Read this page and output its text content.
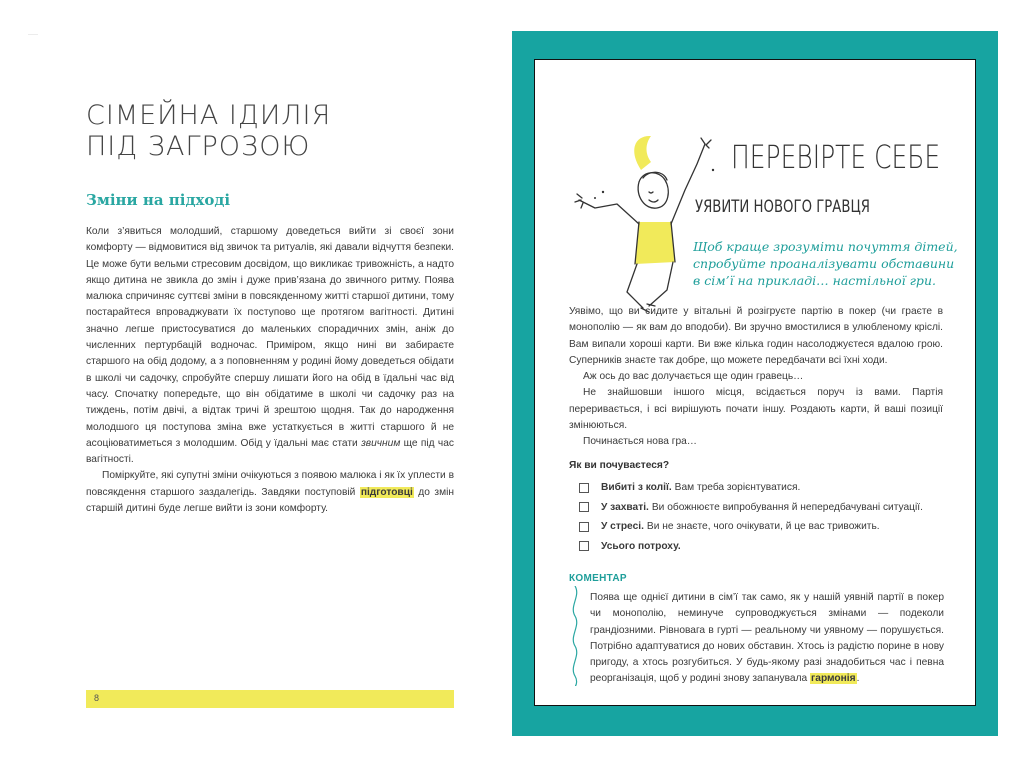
СІМЕЙНА ІДИЛІЯ
ПІД ЗАГРОЗОЮ
Зміни на підході

Коли з’явиться молодший, старшому доведеться вийти зі своєї зони комфорту — відмовитися від звичок та ритуалів, які давали відчуття безпеки. Це може бути вельми стресовим досвідом, що викликає тривожність, а надто якщо дитина не звикла до змін і дуже прив’язана до звичного ритму. Поява малюка спричиняє суттєві зміни в повсякденному житті старшої дитини, тому постарайтеся впроваджувати їх поступово ще протягом вагітності. Дитині значно легше пристосуватися до маленьких спорадичних змін, аніж до численних пертурбацій водночас. Приміром, якщо нині ви забираєте старшого на обід додому, а з поповненням у родині йому доведеться обідати в школі чи садочку, спробуйте спершу лишати його на обід в їдальні час від часу. Спочатку попередьте, що він обідатиме в школі чи садочку раз на тиждень, потім двічі, а відтак тричі й зрештою щодня. Так до народження молодшого ця поступова зміна вже устаткується в житті старшого й не асоціюватиметься з молодшим. Обід у їдальні має стати звичним ще під час вагітності.

Поміркуйте, які супутні зміни очікуються з появою малюка і як їх уплести в повсякдення старшого заздалегідь. Завдяки поступовій підготовці до змін старшій дитині буде легше вийти із зони комфорту.

8
ПЕРЕВІРТЕ СЕБЕ
УЯВИТИ НОВОГО ГРАВЦЯ
Щоб краще зрозуміти почуття дітей,
спробуйте проаналізувати обставини
в сім’ї на прикладі… настільної гри.

Уявімо, що ви сидите у вітальні й розігруєте партію в покер (чи граєте в монополію — як вам до вподоби). Ви зручно вмостилися в улюбленому кріслі. Вам випали хороші карти. Ви вже кілька годин насолоджуєтеся вдалою грою. Суперників знаєте так добре, що можете передбачати всі їхні ходи.

Аж ось до вас долучається ще один гравець…

Не знайшовши іншого місця, всідається поруч із вами. Партія переривається, і всі вирішують почати іншу. Роздають карти, й ваші позиції змінюються.

Починається нова гра…

Як ви почуваєтеся?
Вибиті з колії. Вам треба зорієнтуватися.
У захваті. Ви обожнюєте випробування й непередбачувані ситуації.
У стресі. Ви не знаєте, чого очікувати, й це вас тривожить.
Усього потроху.
КОМЕНТАР

Поява ще однієї дитини в сім’ї так само, як у нашій уявній партії в покер чи монополію, неминуче супроводжується змінами — подеколи грандіозними. Рівновага в гурті — реальному чи уявному — порушується. Потрібно адаптуватися до нових обставин. Хтось із радістю порине в нову пригоду, а хтось розгубиться. У будь-якому разі знадобиться час і певна реорганізація, щоб у родині знову запанувала гармонія.
